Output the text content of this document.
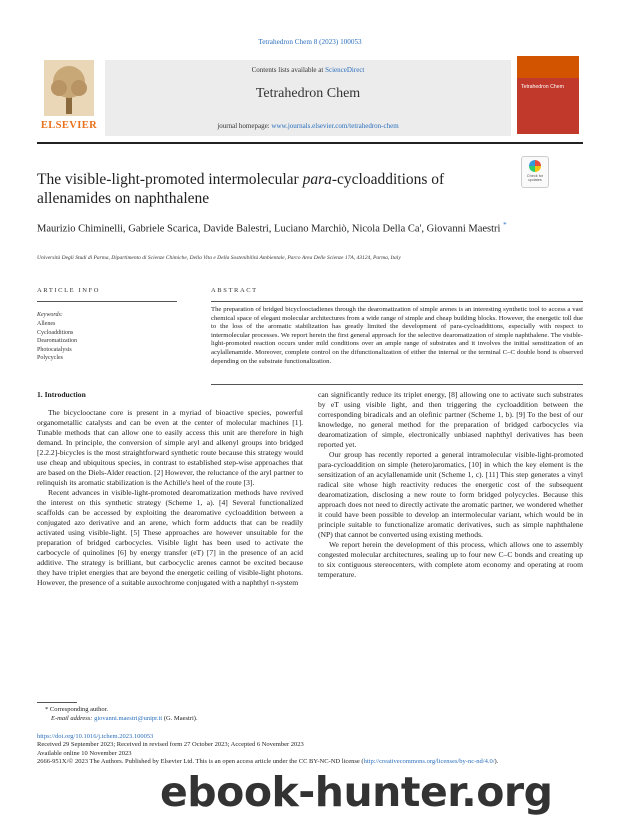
Tetrahedron Chem 8 (2023) 100053
ELSEVIER
Contents lists available at ScienceDirect
Tetrahedron Chem
journal homepage: www.journals.elsevier.com/tetrahedron-chem
Tetrahedron Chem
Check for updates
The visible-light-promoted intermolecular para-cycloadditions of allenamides on naphthalene
Maurizio Chiminelli, Gabriele Scarica, Davide Balestri, Luciano Marchiò, Nicola Della Ca', Giovanni Maestri *
Università Degli Studi di Parma, Dipartimento di Scienze Chimiche, Della Vita e Della Sostenibilità Ambientale, Parco Area Delle Scienze 17A, 43124, Parma, Italy
ARTICLE INFO	ABSTRACT
Keywords:
Allenes
Cycloadditions
Dearomatization
Photocatalysis
Polycycles
The preparation of bridged bicyclooctadienes through the dearomatization of simple arenes is an interesting synthetic tool to access a vast chemical space of elegant molecular architectures from a wide range of simple and cheap building blocks. However, the energetic toll due to the loss of the aromatic stabilization has greatly limited the development of para-cycloadditions, especially with respect to intermolecular processes. We report herein the first general approach for the selective dearomatization of simple naphthalene. The visible-light-promoted reaction occurs under mild conditions over an ample range of substrates and it involves the initial sensitization of an acylallenamide. Moreover, complete control on the difunctionalization of either the internal or the terminal C–C double bond is observed depending on the substrate functionalization.
1. Introduction

The bicyclooctane core is present in a myriad of bioactive species, powerful organometallic catalysts and can be even at the center of molecular machines [1]. Tunable methods that can allow one to easily access this unit are therefore in high demand. In principle, the conversion of simple aryl and alkenyl groups into bridged [2.2.2]-bicycles is the most straightforward synthetic route because this strategy would use cheap and ubiquitous species, in contrast to established step-wise approaches that are based on the Diels-Alder reaction. [2] However, the reluctance of the aryl partner to relinquish its aromatic stabilization is the Achille's heel of the route [3].

Recent advances in visible-light-promoted dearomatization methods have revived the interest on this synthetic strategy (Scheme 1, a). [4] Several functionalized scaffolds can be accessed by exploiting the dearomative cycloaddition between a conjugated azo derivative and an arene, which form adducts that can be readily activated using visible-light. [5] These approaches are however unsuitable for the preparation of bridged carbocycles. Visible light has been used to activate the carbocycle of quinolines [6] by energy transfer (eT) [7] in the presence of an acid additive. The strategy is brilliant, but carbocyclic arenes cannot be excited because they have triplet energies that are beyond the energetic ceiling of visible-light photons. However, the presence of a suitable auxochrome conjugated with a naphthyl π-system

can significantly reduce its triplet energy, [8] allowing one to activate such substrates by eT using visible light, and then triggering the cycloaddition between the corresponding biradicals and an olefinic partner (Scheme 1, b). [9] To the best of our knowledge, no general method for the preparation of bridged carbocycles via dearomatization of simple, electronically unbiased naphthyl derivatives has been reported yet.

Our group has recently reported a general intramolecular visible-light-promoted para-cycloaddition on simple (hetero)aromatics, [10] in which the key element is the sensitization of an acylallenamide unit (Scheme 1, c). [11] This step generates a vinyl radical site whose high reactivity reduces the energetic cost of the subsequent dearomatization, disclosing a new route to form bridged polycycles. Because this approach does not need to directly activate the aromatic partner, we wondered whether it could have been possible to develop an intermolecular variant, which would be in principle suitable to functionalize aromatic derivatives, such as simple naphthalene (NP) that cannot be converted using existing methods.

We report herein the development of this process, which allows one to assembly congested molecular architectures, sealing up to four new C–C bonds and creating up to six contiguous stereocenters, with complete atom economy and operating at room temperature.

* Corresponding author.
E-mail address: giovanni.maestri@unipr.it (G. Maestri).
https://doi.org/10.1016/j.tchem.2023.100053
Received 29 September 2023; Received in revised form 27 October 2023; Accepted 6 November 2023
Available online 10 November 2023
2666-951X/© 2023 The Authors. Published by Elsevier Ltd. This is an open access article under the CC BY-NC-ND license (http://creativecommons.org/licenses/by-nc-nd/4.0/).
ebook-hunter.org
